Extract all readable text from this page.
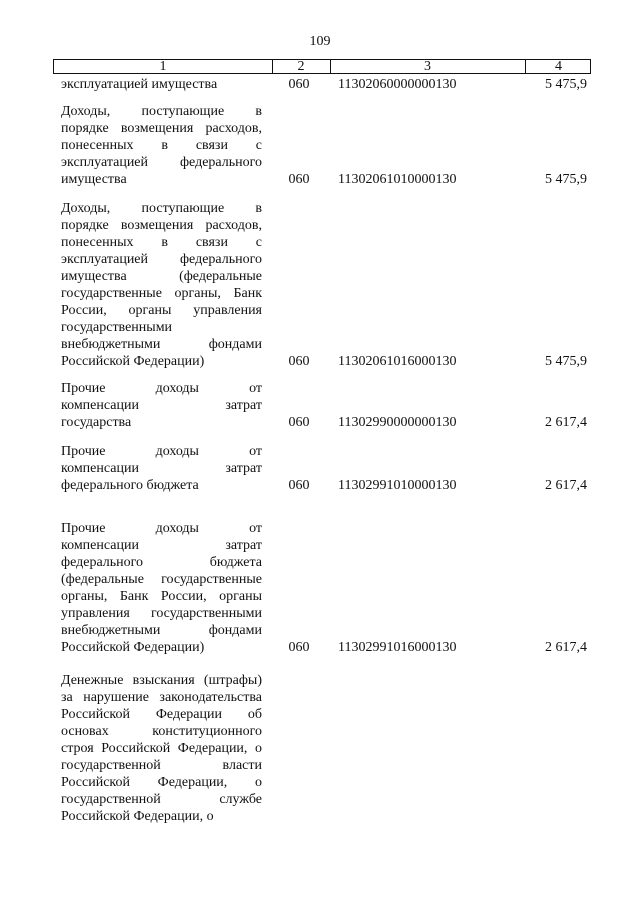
109
1	2	3	4
эксплуатацией имущества	060	11302060000000130	5 475,9
Доходы, поступающие в
порядке возмещения расходов,
понесенных в связи с
эксплуатацией федерального
имущества	060	11302061010000130	5 475,9
Доходы, поступающие в
порядке возмещения расходов,
понесенных в связи с
эксплуатацией федерального
имущества (федеральные
государственные органы, Банк
России, органы управления
государственными
внебюджетными фондами
Российской Федерации)	060	11302061016000130	5 475,9
Прочие доходы от
компенсации затрат
государства	060	11302990000000130	2 617,4
Прочие доходы от
компенсации затрат
федерального бюджета	060	11302991010000130	2 617,4
Прочие доходы от
компенсации затрат
федерального бюджета
(федеральные государственные
органы, Банк России, органы
управления государственными
внебюджетными фондами
Российской Федерации)	060	11302991016000130	2 617,4
Денежные взыскания (штрафы)
за нарушение законодательства
Российской Федерации об
основах конституционного
строя Российской Федерации, о
государственной власти
Российской Федерации, о
государственной службе
Российской Федерации, о
